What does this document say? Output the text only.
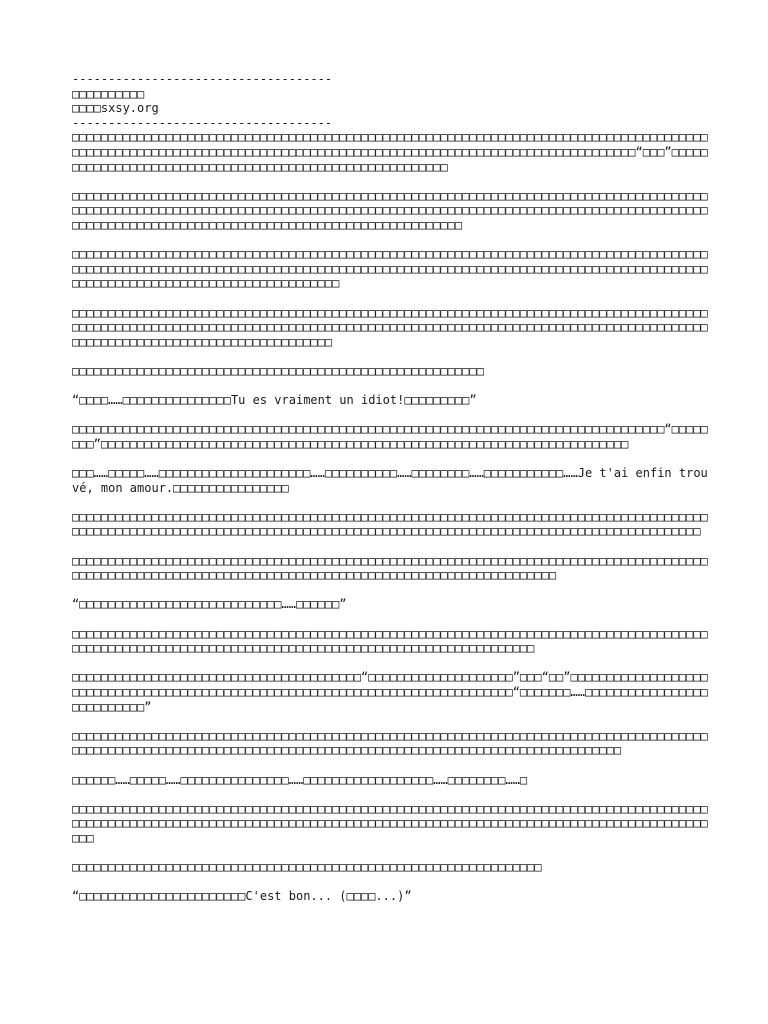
------------------------------------
□□□□□□□□□□
□□□□sxsy.org
------------------------------------
□□□□□□□□□□□□□□□□□□□□□□□□□□□□□□□□□□□□□□□□□□□□□□□□□□□□□□□□□□□□□□□□□□□□□□□□□□□□□□□□□□□□□□□□□□□□□□□□□□□□□□□□□□□□□□□□□□□□□□□□□□□□□□□□□□□□□□□□□□□□□□□□□□□□□□□□□□□□□□□□□□□□□□“□□□”□□□□□□□□□□□□□□□□□□□□□□□□□□□□□□□□□□□□□□□□□□□□□□□□□□□□□□□□□
□□□□□□□□□□□□□□□□□□□□□□□□□□□□□□□□□□□□□□□□□□□□□□□□□□□□□□□□□□□□□□□□□□□□□□□□□□□□□□□□□□□□□□□□□□□□□□□□□□□□□□□□□□□□□□□□□□□□□□□□□□□□□□□□□□□□□□□□□□□□□□□□□□□□□□□□□□□□□□□□□□□□□□□□□□□□□□□□□□□□□□□□□□□□□□□□□□□□□□□□□□□□□□□□□□□□□□□□□□□□□□□□□□□□□□
□□□□□□□□□□□□□□□□□□□□□□□□□□□□□□□□□□□□□□□□□□□□□□□□□□□□□□□□□□□□□□□□□□□□□□□□□□□□□□□□□□□□□□□□□□□□□□□□□□□□□□□□□□□□□□□□□□□□□□□□□□□□□□□□□□□□□□□□□□□□□□□□□□□□□□□□□□□□□□□□□□□□□□□□□□□□□□□□□□□□□□□□□□□□□□□□□□□□□□□□□□□□□□□□□□□□□
□□□□□□□□□□□□□□□□□□□□□□□□□□□□□□□□□□□□□□□□□□□□□□□□□□□□□□□□□□□□□□□□□□□□□□□□□□□□□□□□□□□□□□□□□□□□□□□□□□□□□□□□□□□□□□□□□□□□□□□□□□□□□□□□□□□□□□□□□□□□□□□□□□□□□□□□□□□□□□□□□□□□□□□□□□□□□□□□□□□□□□□□□□□□□□□□□□□□□□□□□□□□□□□□□□□□
□□□□□□□□□□□□□□□□□□□□□□□□□□□□□□□□□□□□□□□□□□□□□□□□□□□□□□□□□
“□□□□……□□□□□□□□□□□□□□□Tu es vraiment un idiot!□□□□□□□□□”
□□□□□□□□□□□□□□□□□□□□□□□□□□□□□□□□□□□□□□□□□□□□□□□□□□□□□□□□□□□□□□□□□□□□□□□□□□□□□□□□□□“□□□□□□□□”□□□□□□□□□□□□□□□□□□□□□□□□□□□□□□□□□□□□□□□□□□□□□□□□□□□□□□□□□□□□□□□□□□□□□□□□□
□□□……□□□□□……□□□□□□□□□□□□□□□□□□□□□……□□□□□□□□□□……□□□□□□□□……□□□□□□□□□□□……Je t'ai enfin trouvé, mon amour.□□□□□□□□□□□□□□□□
□□□□□□□□□□□□□□□□□□□□□□□□□□□□□□□□□□□□□□□□□□□□□□□□□□□□□□□□□□□□□□□□□□□□□□□□□□□□□□□□□□□□□□□□□□□□□□□□□□□□□□□□□□□□□□□□□□□□□□□□□□□□□□□□□□□□□□□□□□□□□□□□□□□□□□□□□□□□□□□□□□□□□□□□□□□□□□□
□□□□□□□□□□□□□□□□□□□□□□□□□□□□□□□□□□□□□□□□□□□□□□□□□□□□□□□□□□□□□□□□□□□□□□□□□□□□□□□□□□□□□□□□□□□□□□□□□□□□□□□□□□□□□□□□□□□□□□□□□□□□□□□□□□□□□□□□□□□□□□□□□□□□□□□□□□□
“□□□□□□□□□□□□□□□□□□□□□□□□□□□□……□□□□□□”
□□□□□□□□□□□□□□□□□□□□□□□□□□□□□□□□□□□□□□□□□□□□□□□□□□□□□□□□□□□□□□□□□□□□□□□□□□□□□□□□□□□□□□□□□□□□□□□□□□□□□□□□□□□□□□□□□□□□□□□□□□□□□□□□□□□□□□□□□□□□□□□□□□□□□□□□
□□□□□□□□□□□□□□□□□□□□□□□□□□□□□□□□□□□□□□□□“□□□□□□□□□□□□□□□□□□□□”□□□“□□”□□□□□□□□□□□□□□□□□□□□□□□□□□□□□□□□□□□□□□□□□□□□□□□□□□□□□□□□□□□□□□□□□□□□□□□□□□□□□□□□“□□□□□□□……□□□□□□□□□□□□□□□□□□□□□□□□□□□”
□□□□□□□□□□□□□□□□□□□□□□□□□□□□□□□□□□□□□□□□□□□□□□□□□□□□□□□□□□□□□□□□□□□□□□□□□□□□□□□□□□□□□□□□□□□□□□□□□□□□□□□□□□□□□□□□□□□□□□□□□□□□□□□□□□□□□□□□□□□□□□□□□□□□□□□□□□□□□□□□□□□□
□□□□□□……□□□□□……□□□□□□□□□□□□□□□……□□□□□□□□□□□□□□□□□□……□□□□□□□□……□
□□□□□□□□□□□□□□□□□□□□□□□□□□□□□□□□□□□□□□□□□□□□□□□□□□□□□□□□□□□□□□□□□□□□□□□□□□□□□□□□□□□□□□□□□□□□□□□□□□□□□□□□□□□□□□□□□□□□□□□□□□□□□□□□□□□□□□□□□□□□□□□□□□□□□□□□□□□□□□□□□□□□□□□□□□□□□□□□□□□
□□□□□□□□□□□□□□□□□□□□□□□□□□□□□□□□□□□□□□□□□□□□□□□□□□□□□□□□□□□□□□□□□
“□□□□□□□□□□□□□□□□□□□□□□□C'est bon... (□□□□...)”
